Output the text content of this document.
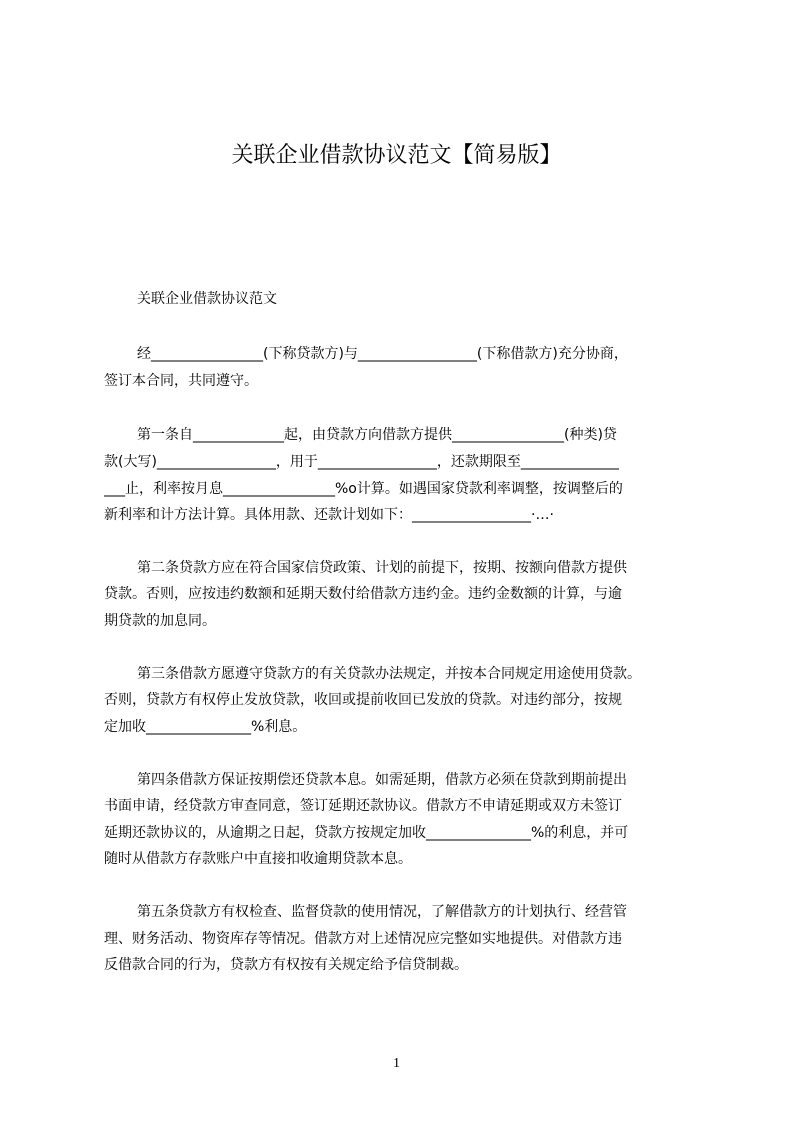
关联企业借款协议范文【简易版】
关联企业借款协议范文
经________________(下称贷款方)与_________________(下称借款方)充分协商，
签订本合同，共同遵守。
第一条自_____________起，由贷款方向借款方提供________________(种类)贷
款(大写)_________________，用于_________________，还款期限至______________
___止，利率按月息________________%o计算。如遇国家贷款利率调整，按调整后的
新利率和计方法计算。具体用款、还款计划如下：_________________·…·
第二条贷款方应在符合国家信贷政策、计划的前提下，按期、按额向借款方提供
贷款。否则，应按违约数额和延期天数付给借款方违约金。违约金数额的计算，与逾
期贷款的加息同。
第三条借款方愿遵守贷款方的有关贷款办法规定，并按本合同规定用途使用贷款。
否则，贷款方有权停止发放贷款，收回或提前收回已发放的贷款。对违约部分，按规
定加收_______________%利息。
第四条借款方保证按期偿还贷款本息。如需延期，借款方必须在贷款到期前提出
书面申请，经贷款方审查同意，签订延期还款协议。借款方不申请延期或双方未签订
延期还款协议的，从逾期之日起，贷款方按规定加收_______________%的利息，并可
随时从借款方存款账户中直接扣收逾期贷款本息。
第五条贷款方有权检查、监督贷款的使用情况，了解借款方的计划执行、经营管
理、财务活动、物资库存等情况。借款方对上述情况应完整如实地提供。对借款方违
反借款合同的行为，贷款方有权按有关规定给予信贷制裁。
1
